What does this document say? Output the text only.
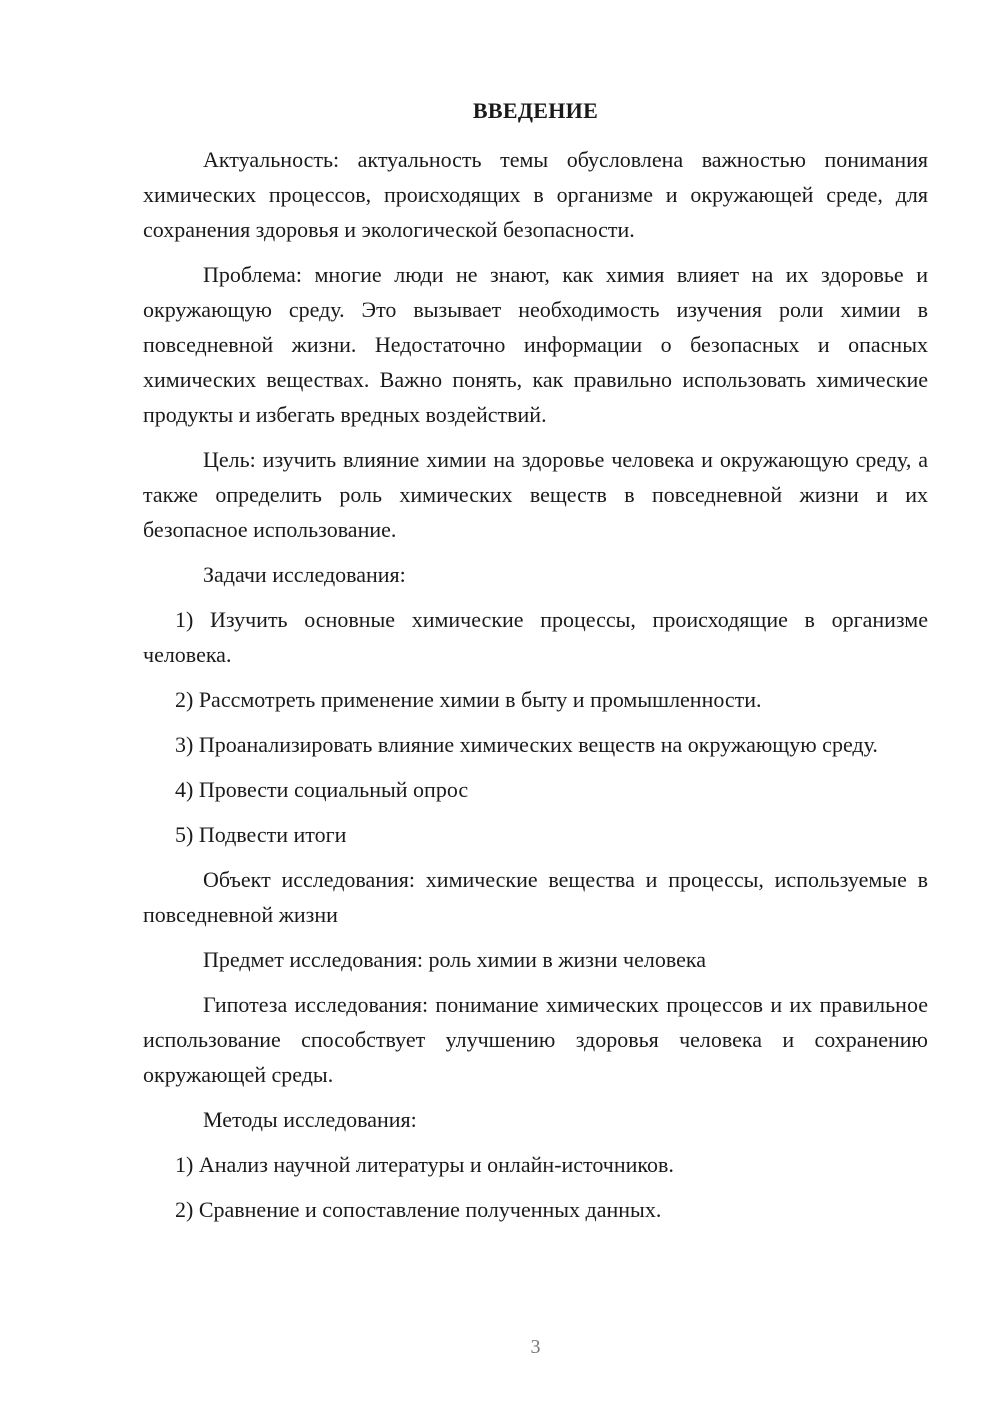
ВВЕДЕНИЕ

Актуальность: актуальность темы обусловлена важностью понимания химических процессов, происходящих в организме и окружающей среде, для сохранения здоровья и экологической безопасности.

Проблема: многие люди не знают, как химия влияет на их здоровье и окружающую среду. Это вызывает необходимость изучения роли химии в повседневной жизни. Недостаточно информации о безопасных и опасных химических веществах. Важно понять, как правильно использовать химические продукты и избегать вредных воздействий.

Цель: изучить влияние химии на здоровье человека и окружающую среду, а также определить роль химических веществ в повседневной жизни и их безопасное использование.

Задачи исследования:

1) Изучить основные химические процессы, происходящие в организме человека.

2) Рассмотреть применение химии в быту и промышленности.

3) Проанализировать влияние химических веществ на окружающую среду.

4) Провести социальный опрос

5) Подвести итоги

Объект исследования: химические вещества и процессы, используемые в повседневной жизни

Предмет исследования: роль химии в жизни человека

Гипотеза исследования: понимание химических процессов и их правильное использование способствует улучшению здоровья человека и сохранению окружающей среды.

Методы исследования:

1) Анализ научной литературы и онлайн-источников.

2) Сравнение и сопоставление полученных данных.

3
